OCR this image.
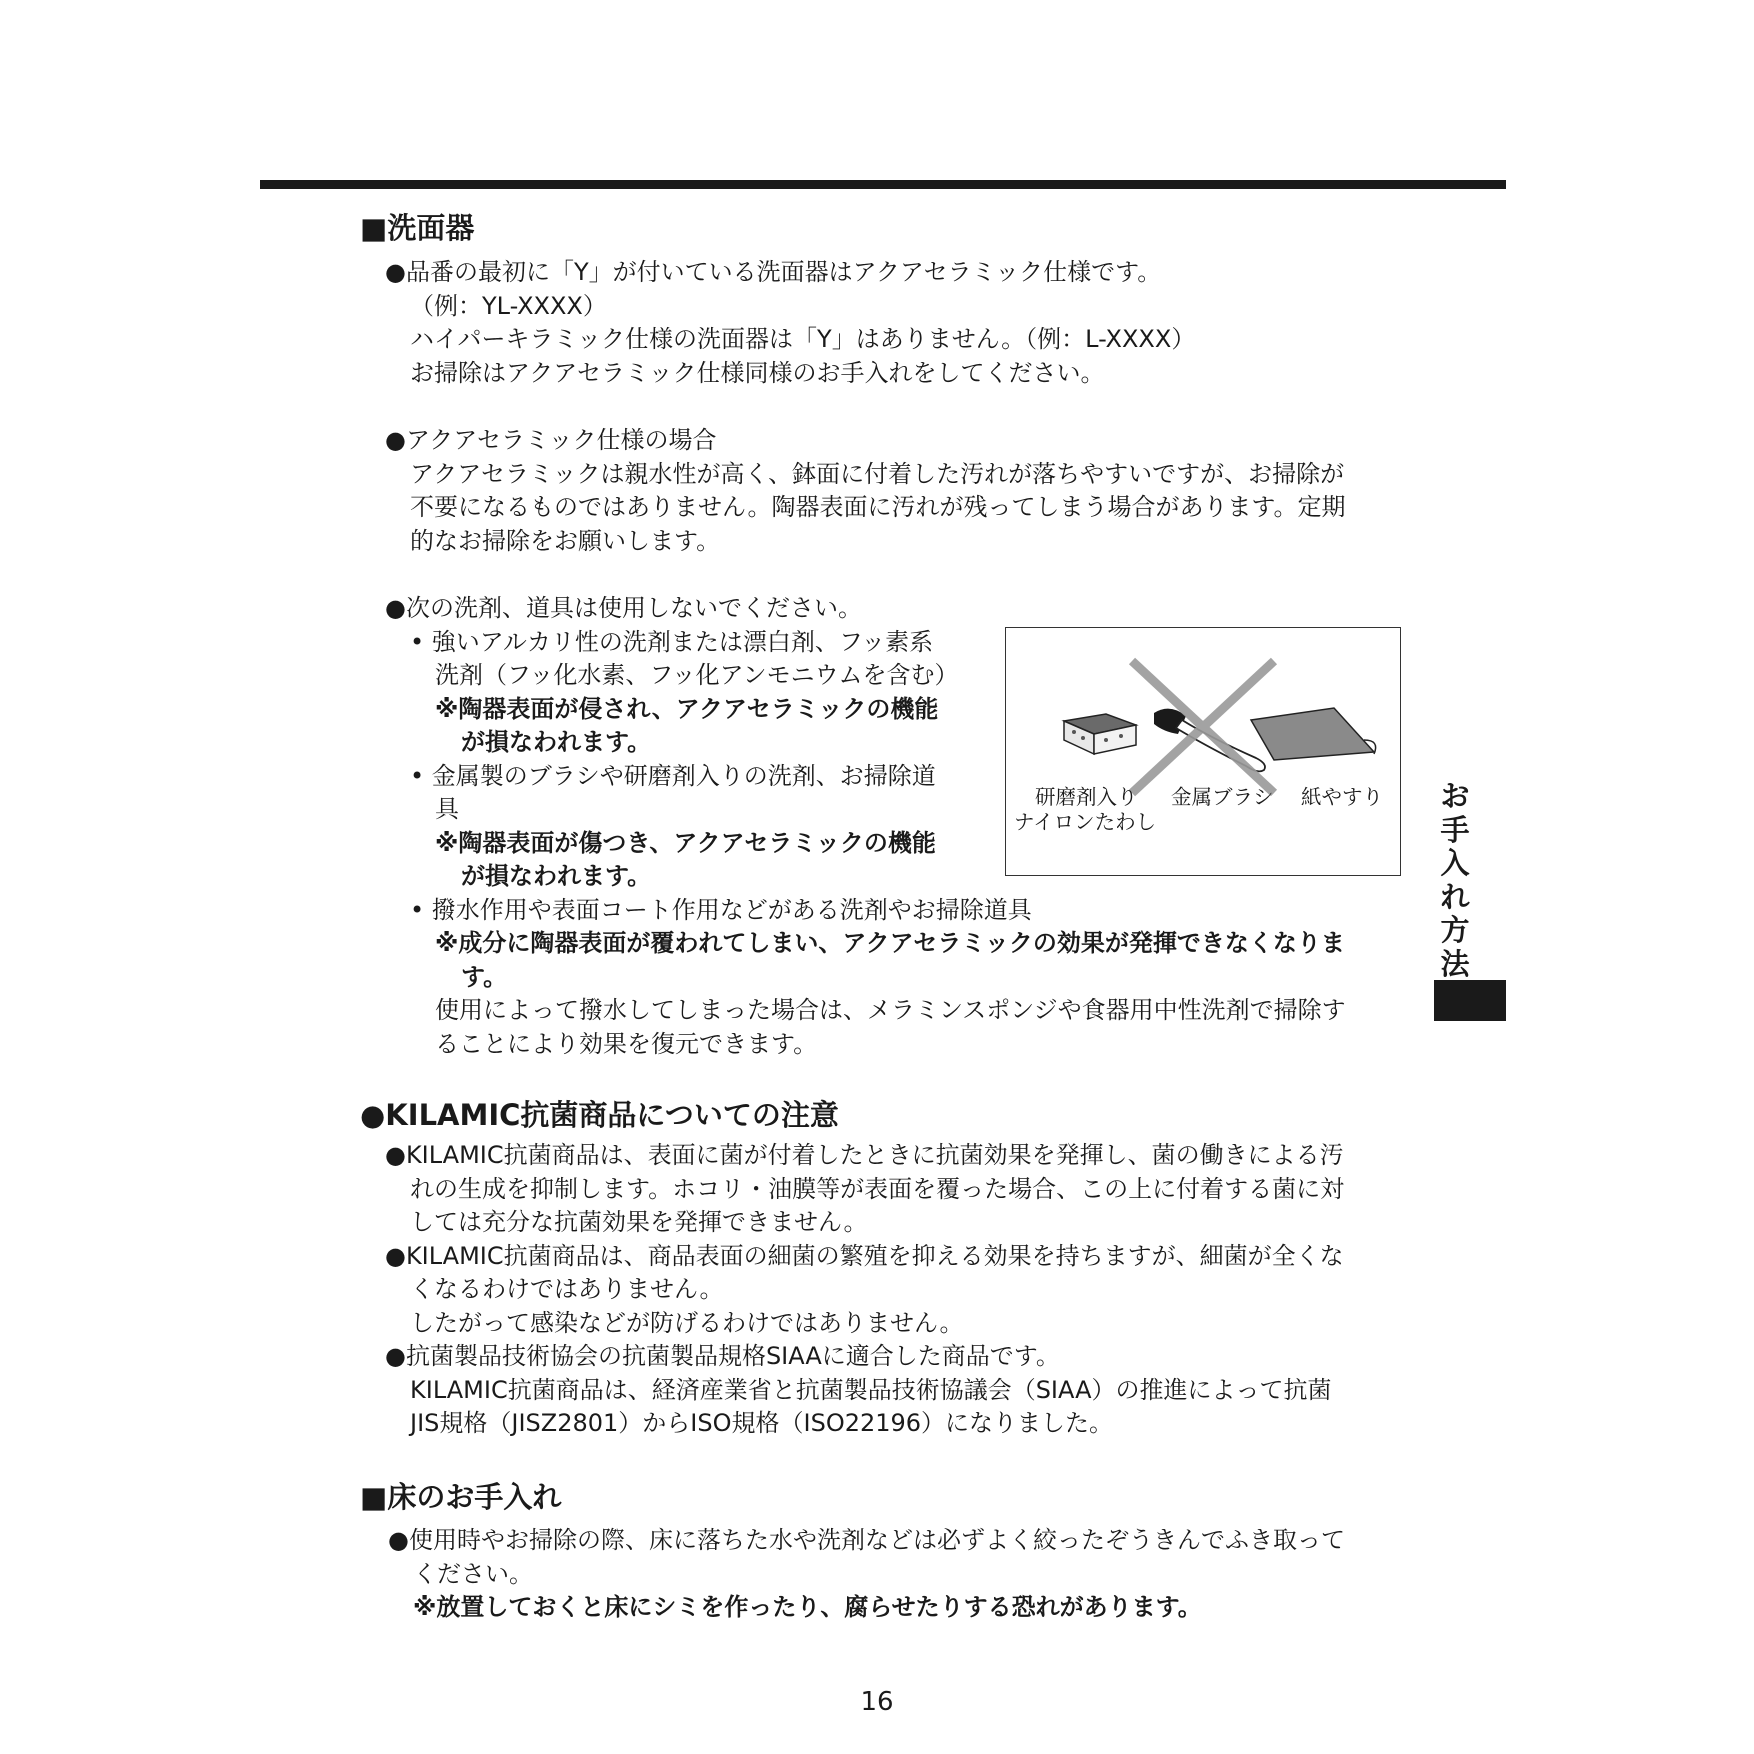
■洗面器
●品番の最初に「Y」が付いている洗面器はアクアセラミック仕様です。
（例：YL-XXXX）
ハイパーキラミック仕様の洗面器は「Y」はありません。（例：L-XXXX）
お掃除はアクアセラミック仕様同様のお手入れをしてください。
●アクアセラミック仕様の場合
アクアセラミックは親水性が高く、鉢面に付着した汚れが落ちやすいですが、お掃除が
不要になるものではありません。陶器表面に汚れが残ってしまう場合があります。定期
的なお掃除をお願いします。
●次の洗剤、道具は使用しないでください。
• 強いアルカリ性の洗剤または漂白剤、フッ素系
洗剤（フッ化水素、フッ化アンモニウムを含む）
※陶器表面が侵され、アクアセラミックの機能
が損なわれます。
• 金属製のブラシや研磨剤入りの洗剤、お掃除道
具
※陶器表面が傷つき、アクアセラミックの機能
が損なわれます。
• 撥水作用や表面コート作用などがある洗剤やお掃除道具
※成分に陶器表面が覆われてしまい、アクアセラミックの効果が発揮できなくなりま
す。
使用によって撥水してしまった場合は、メラミンスポンジや食器用中性洗剤で掃除す
ることにより効果を復元できます。
研磨剤入り
ナイロンたわし
金属ブラシ 紙やすり
●KILAMIC抗菌商品についての注意
●KILAMIC抗菌商品は、表面に菌が付着したときに抗菌効果を発揮し、菌の働きによる汚
れの生成を抑制します。ホコリ・油膜等が表面を覆った場合、この上に付着する菌に対
しては充分な抗菌効果を発揮できません。
●KILAMIC抗菌商品は、商品表面の細菌の繁殖を抑える効果を持ちますが、細菌が全くな
くなるわけではありません。
したがって感染などが防げるわけではありません。
●抗菌製品技術協会の抗菌製品規格SIAAに適合した商品です。
KILAMIC抗菌商品は、経済産業省と抗菌製品技術協議会（SIAA）の推進によって抗菌
JIS規格（JISZ2801）からISO規格（ISO22196）になりました。
■床のお手入れ
●使用時やお掃除の際、床に落ちた水や洗剤などは必ずよく絞ったぞうきんでふき取って
ください。
※放置しておくと床にシミを作ったり、腐らせたりする恐れがあります。
お手入れ方法
16
